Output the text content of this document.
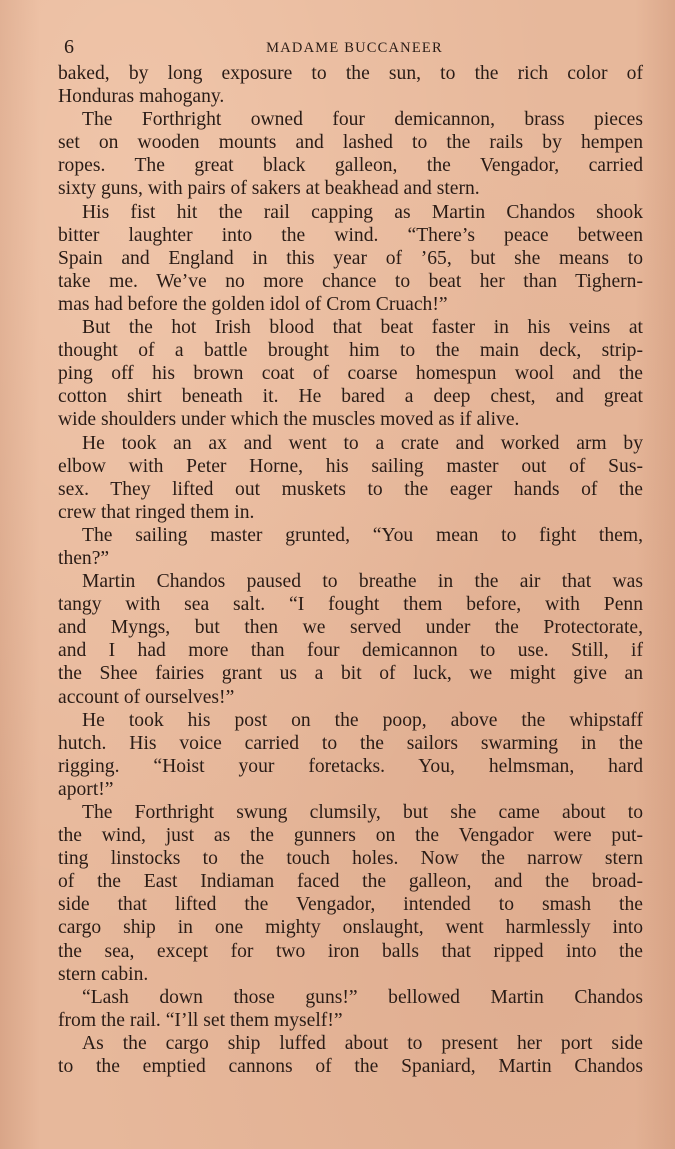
6	MADAME BUCCANEER
baked, by long exposure to the sun, to the rich color of
Honduras mahogany.
The Forthright owned four demicannon, brass pieces
set on wooden mounts and lashed to the rails by hempen
ropes. The great black galleon, the Vengador, carried
sixty guns, with pairs of sakers at beakhead and stern.
His fist hit the rail capping as Martin Chandos shook
bitter laughter into the wind. “There’s peace between
Spain and England in this year of ’65, but she means to
take me. We’ve no more chance to beat her than Tighern-
mas had before the golden idol of Crom Cruach!”
But the hot Irish blood that beat faster in his veins at
thought of a battle brought him to the main deck, strip-
ping off his brown coat of coarse homespun wool and the
cotton shirt beneath it. He bared a deep chest, and great
wide shoulders under which the muscles moved as if alive.
He took an ax and went to a crate and worked arm by
elbow with Peter Horne, his sailing master out of Sus-
sex. They lifted out muskets to the eager hands of the
crew that ringed them in.
The sailing master grunted, “You mean to fight them,
then?”
Martin Chandos paused to breathe in the air that was
tangy with sea salt. “I fought them before, with Penn
and Myngs, but then we served under the Protectorate,
and I had more than four demicannon to use. Still, if
the Shee fairies grant us a bit of luck, we might give an
account of ourselves!”
He took his post on the poop, above the whipstaff
hutch. His voice carried to the sailors swarming in the
rigging. “Hoist your foretacks. You, helmsman, hard
aport!”
The Forthright swung clumsily, but she came about to
the wind, just as the gunners on the Vengador were put-
ting linstocks to the touch holes. Now the narrow stern
of the East Indiaman faced the galleon, and the broad-
side that lifted the Vengador, intended to smash the
cargo ship in one mighty onslaught, went harmlessly into
the sea, except for two iron balls that ripped into the
stern cabin.
“Lash down those guns!” bellowed Martin Chandos
from the rail. “I’ll set them myself!”
As the cargo ship luffed about to present her port side
to the emptied cannons of the Spaniard, Martin Chandos
